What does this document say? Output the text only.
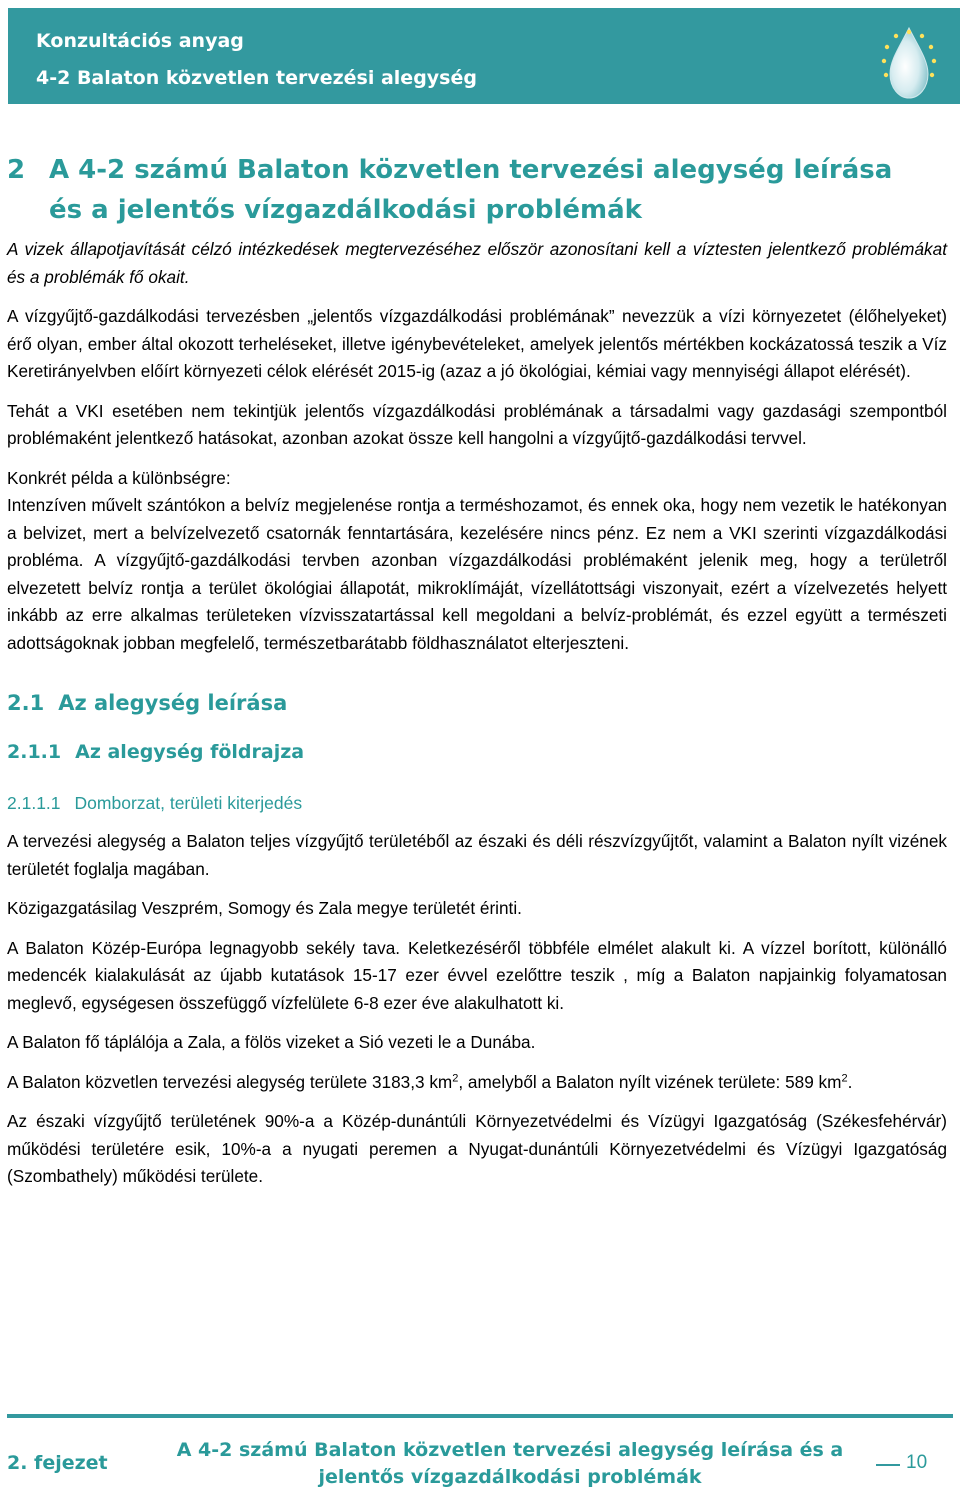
Konzultációs anyag
4-2 Balaton közvetlen tervezési alegység
2 A 4-2 számú Balaton közvetlen tervezési alegység leírása
és a jelentős vízgazdálkodási problémák

A vizek állapotjavítását célzó intézkedések megtervezéséhez először azonosítani kell a víztesten jelentkező problémákat és a problémák fő okait.

A vízgyűjtő-gazdálkodási tervezésben „jelentős vízgazdálkodási problémának” nevezzük a vízi környezetet (élőhelyeket) érő olyan, ember által okozott terheléseket, illetve igénybevételeket, amelyek jelentős mértékben kockázatossá teszik a Víz Keretirányelvben előírt környezeti célok elérését 2015-ig (azaz a jó ökológiai, kémiai vagy mennyiségi állapot elérését).

Tehát a VKI esetében nem tekintjük jelentős vízgazdálkodási problémának a társadalmi vagy gazdasági szempontból problémaként jelentkező hatásokat, azonban azokat össze kell hangolni a vízgyűjtő-gazdálkodási tervvel.

Konkrét példa a különbségre:

Intenzíven művelt szántókon a belvíz megjelenése rontja a terméshozamot, és ennek oka, hogy nem vezetik le hatékonyan a belvizet, mert a belvízelvezető csatornák fenntartására, kezelésére nincs pénz. Ez nem a VKI szerinti vízgazdálkodási probléma. A vízgyűjtő-gazdálkodási tervben azonban vízgazdálkodási problémaként jelenik meg, hogy a területről elvezetett belvíz rontja a terület ökológiai állapotát, mikroklímáját, vízellátottsági viszonyait, ezért a vízelvezetés helyett inkább az erre alkalmas területeken vízvisszatartással kell megoldani a belvíz-problémát, és ezzel együtt a természeti adottságoknak jobban megfelelő, természetbarátabb földhasználatot elterjeszteni.

2.1 Az alegység leírása
2.1.1 Az alegység földrajza
2.1.1.1 Domborzat, területi kiterjedés

A tervezési alegység a Balaton teljes vízgyűjtő területéből az északi és déli részvízgyűjtőt, valamint a Balaton nyílt vizének területét foglalja magában.

Közigazgatásilag Veszprém, Somogy és Zala megye területét érinti.

A Balaton Közép-Európa legnagyobb sekély tava. Keletkezéséről többféle elmélet alakult ki. A vízzel borított, különálló medencék kialakulását az újabb kutatások 15-17 ezer évvel ezelőttre teszik , míg a Balaton napjainkig folyamatosan meglevő, egységesen összefüggő vízfelülete 6-8 ezer éve alakulhatott ki.

A Balaton fő táplálója a Zala, a fölös vizeket a Sió vezeti le a Dunába.

A Balaton közvetlen tervezési alegység területe 3183,3 $km^2$, amelyből a Balaton nyílt vizének területe: 589 $km^2$.

Az északi vízgyűjtő területének 90%-a a Közép-dunántúli Környezetvédelmi és Vízügyi Igazgatóság (Székesfehérvár) működési területére esik, 10%-a a nyugati peremen a Nyugat-dunántúli Környezetvédelmi és Vízügyi Igazgatóság (Szombathely) működési területe.

2. fejezet
A 4-2 számú Balaton közvetlen tervezési alegység leírása és a
jelentős vízgazdálkodási problémák
10
